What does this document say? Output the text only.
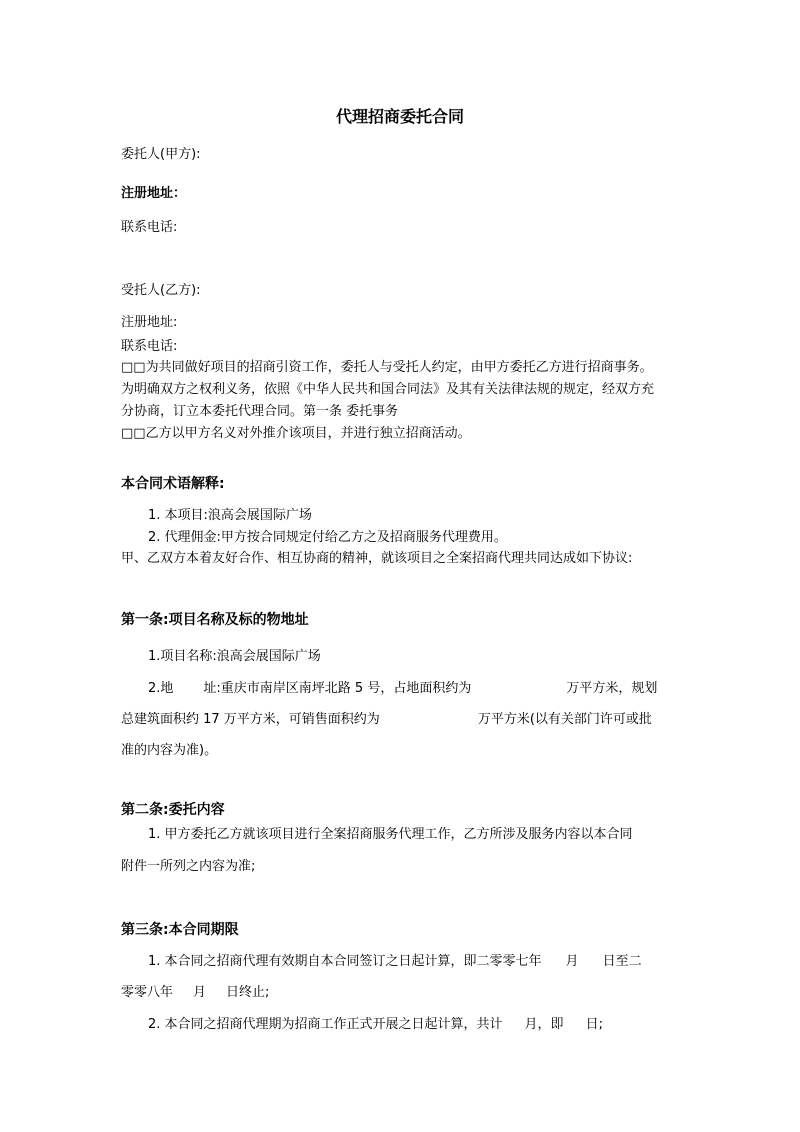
代理招商委托合同
委托人(甲方):
注册地址：
联系电话:
受托人(乙方):
注册地址:
联系电话:
□□为共同做好项目的招商引资工作，委托人与受托人约定，由甲方委托乙方进行招商事务。
为明确双方之权利义务，依照《中华人民共和国合同法》及其有关法律法规的规定，经双方充
分协商，订立本委托代理合同。第一条 委托事务
□□乙方以甲方名义对外推介该项目，并进行独立招商活动。
本合同术语解释:
1. 本项目:浪高会展国际广场
2. 代理佣金:甲方按合同规定付给乙方之及招商服务代理费用。
甲、乙双方本着友好合作、相互协商的精神，就该项目之全案招商代理共同达成如下协议:
第一条:项目名称及标的物地址
1.项目名称:浪高会展国际广场
2.地 址:重庆市南岸区南坪北路 5 号，占地面积约为	万平方米，规划
总建筑面积约 17 万平方米，可销售面积约为	万平方米(以有关部门许可或批
准的内容为准)。
第二条:委托内容
1. 甲方委托乙方就该项目进行全案招商服务代理工作，乙方所涉及服务内容以本合同
附件一所列之内容为准;
第三条:本合同期限
1. 本合同之招商代理有效期自本合同签订之日起计算，即二零零七年 月 日至二
零零八年 月 日终止;
2. 本合同之招商代理期为招商工作正式开展之日起计算，共计 月，即 日;
